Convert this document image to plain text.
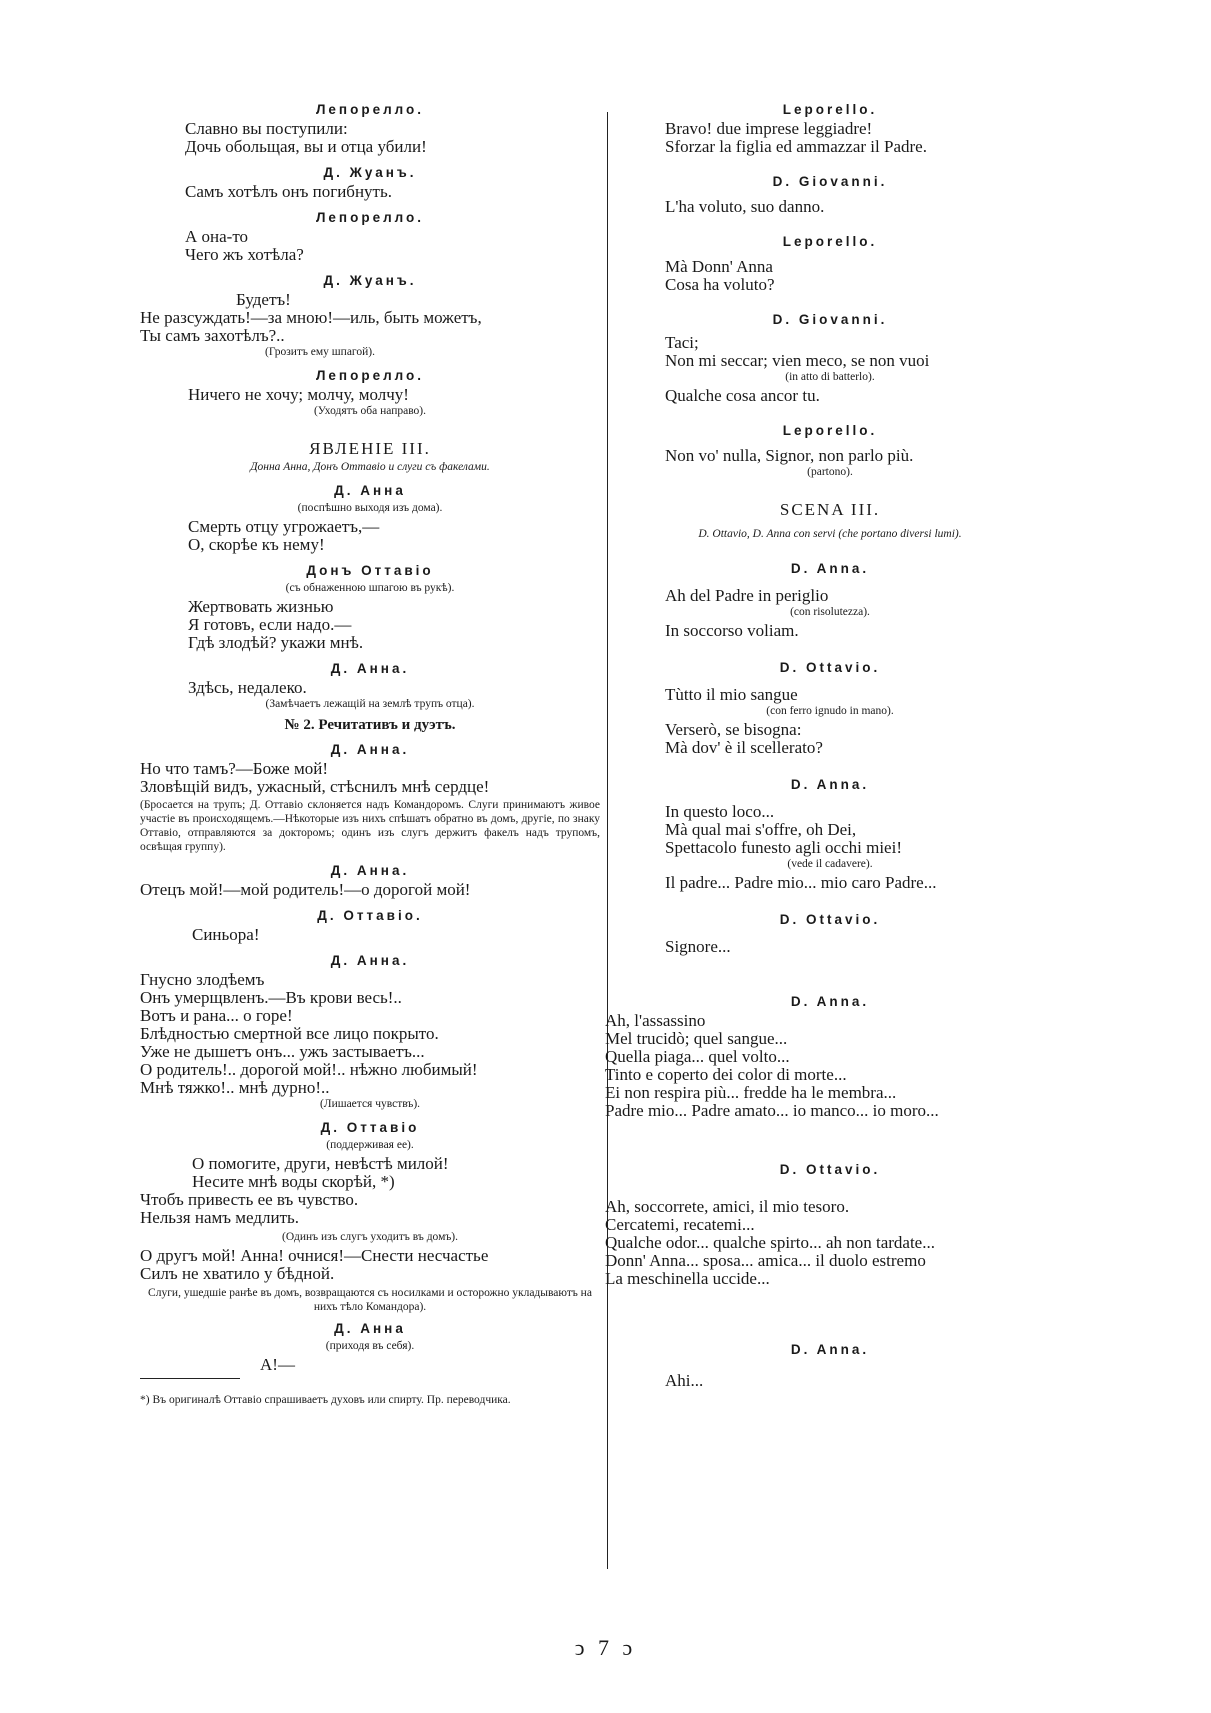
Лепорелло.
Славно вы поступили:
Дочь обольщая, вы и отца убили!
Д. Жуанъ.
Самъ хотѣлъ онъ погибнуть.
Лепорелло.
А она-то
Чего жъ хотѣла?
Д. Жуанъ.
Будетъ!
Не разсуждать!—за мною!—иль, быть можетъ,
Ты самъ захотѣлъ?..
(Грозитъ ему шпагой).
Лепорелло.
Ничего не хочу; молчу, молчу!
(Уходятъ оба направо).
ЯВЛЕНІЕ III.
Донна Анна, Донъ Оттавіо и слуги съ факелами.
Д. Анна
(поспѣшно выходя изъ дома).
Смерть отцу угрожаетъ,—
О, скорѣе къ нему!
Донъ Оттавіо
(съ обнаженною шпагою въ рукѣ).
Жертвовать жизнью
Я готовъ, если надо.—
Гдѣ злодѣй? укажи мнѣ.
Д. Анна.
Здѣсь, недалеко.
(Замѣчаетъ лежащій на землѣ трупъ отца).
№ 2. Речитативъ и дуэтъ.
Д. Анна.
Но что тамъ?—Боже мой!
Зловѣщій видъ, ужасный, стѣснилъ мнѣ сердце!
(Бросается на трупъ; Д. Оттавіо склоняется надъ Командоромъ. Слуги принимаютъ живое участіе въ происходящемъ.—Нѣкоторые изъ нихъ спѣшатъ обратно въ домъ, другіе, по знаку Оттавіо, отправляются за докторомъ; одинъ изъ слугъ держитъ факелъ надъ трупомъ, освѣщая группу).
Д. Анна.
Отецъ мой!—мой родитель!—о дорогой мой!
Д. Оттавіо.
Синьора!
Д. Анна.
Гнусно злодѣемъ
Онъ умерщвленъ.—Въ крови весь!..
Вотъ и рана... о горе!
Блѣдностью смертной все лицо покрыто.
Уже не дышетъ онъ... ужъ застываетъ...
О родитель!.. дорогой мой!.. нѣжно любимый!
Мнѣ тяжко!.. мнѣ дурно!..
(Лишается чувствъ).
Д. Оттавіо
(поддерживая ее).
О помогите, други, невѣстѣ милой!
Несите мнѣ воды скорѣй, *)
Чтобъ привесть ее въ чувство.
Нельзя намъ медлить.
(Одинъ изъ слугъ уходитъ въ домъ).
О другъ мой! Анна! очнися!—Снести несчастье
Силъ не хватило у бѣдной.
Слуги, ушедшіе ранѣе въ домъ, возвращаются съ носилками и осторожно укладываютъ на нихъ тѣло Командора).
Д. Анна
(приходя въ себя).
А!—
*) Въ оригиналѣ Оттавіо спрашиваетъ духовъ или спирту. Пр. переводчика.
Leporello.
Bravo! due imprese leggiadre!
Sforzar la figlia ed ammazzar il Padre.
D. Giovanni.
L'ha voluto, suo danno.
Leporello.
Mà Donn' Anna
Cosa ha voluto?
D. Giovanni.
Taci;
Non mi seccar; vien meco, se non vuoi
(in atto di batterlo).
Qualche cosa ancor tu.
Leporello.
Non vo' nulla, Signor, non parlo più.
(partono).
SCENA III.
D. Ottavio, D. Anna con servi (che portano diversi lumi).
D. Anna.
Ah del Padre in periglio
(con risolutezza).
In soccorso voliam.
D. Ottavio.
Tùtto il mio sangue
(con ferro ignudo in mano).
Verserò, se bisogna:
Mà dov' è il scellerato?
D. Anna.
In questo loco...
Mà qual mai s'offre, oh Dei,
Spettacolo funesto agli occhi miei!
(vede il cadavere).
Il padre... Padre mio... mio caro Padre...
D. Ottavio.
Signore...
D. Anna.
Ah, l'assassino
Mel trucidò; quel sangue...
Quella piaga... quel volto...
Tinto e coperto dei color di morte...
Ei non respira più... fredde ha le membra...
Padre mio... Padre amato... io manco... io moro...
D. Ottavio.
Ah, soccorrete, amici, il mio tesoro.
Cercatemi, recatemi...
Qualche odor... qualche spirto... ah non tardate...
Donn' Anna... sposa... amica... il duolo estremo
La meschinella uccide...
D. Anna.
Ahi...
ↄ 7 ɔ
